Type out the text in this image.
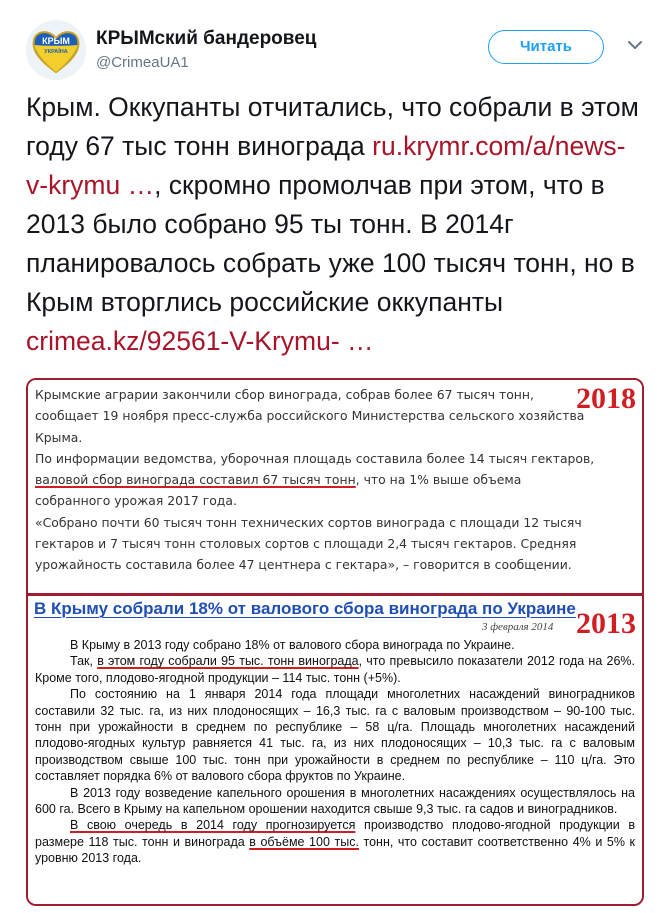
КРЫМ
УКРАЇНА
КРЫМский бандеровец
@CrimeaUA1
Читать

Крым. Оккупанты отчитались, что собрали в этом году 67 тыс тонн винограда ru.krymr.com/a/news-v-krymu …, скромно промолчав при этом, что в 2013 было собрано 95 ты тонн. В 2014г планировалось собрать уже 100 тысяч тонн, но в Крым вторглись российские оккупанты crimea.kz/92561-V-Krymu- …

2018

Крымские аграрии закончили сбор винограда, собрав более 67 тысяч тонн, сообщает 19 ноября пресс-служба российского Министерства сельского хозяйства Крыма.

По информации ведомства, уборочная площадь составила более 14 тысяч гектаров, валовой сбор винограда составил 67 тысяч тонн, что на 1% выше объема собранного урожая 2017 года.

«Собрано почти 60 тысяч тонн технических сортов винограда с площади 12 тысяч гектаров и 7 тысяч тонн столовых сортов с площади 2,4 тысяч гектаров. Средняя урожайность составила более 47 центнера с гектара», – говорится в сообщении.

В Крыму собрали 18% от валового сбора винограда по Украине 2013
3 февраля 2014

В Крыму в 2013 году собрано 18% от валового сбора винограда по Украине.

Так, в этом году собрали 95 тыс. тонн винограда, что превысило показатели 2012 года на 26%. Кроме того, плодово-ягодной продукции – 114 тыс. тонн (+5%).

По состоянию на 1 января 2014 года площади многолетних насаждений виноградников составили 32 тыс. га, из них плодоносящих – 16,3 тыс. га с валовым производством – 90-100 тыс. тонн при урожайности в среднем по республике – 58 ц/га. Площадь многолетних насаждений плодово-ягодных культур равняется 41 тыс. га, из них плодоносящих – 10,3 тыс. га с валовым производством свыше 100 тыс. тонн при урожайности в среднем по республике – 110 ц/га. Это составляет порядка 6% от валового сбора фруктов по Украине.

В 2013 году возведение капельного орошения в многолетних насаждениях осуществлялось на 600 га. Всего в Крыму на капельном орошении находится свыше 9,3 тыс. га садов и виноградников.

В свою очередь в 2014 году прогнозируется производство плодово-ягодной продукции в размере 118 тыс. тонн и винограда в объёме 100 тыс. тонн, что составит соответственно 4% и 5% к уровню 2013 года.
